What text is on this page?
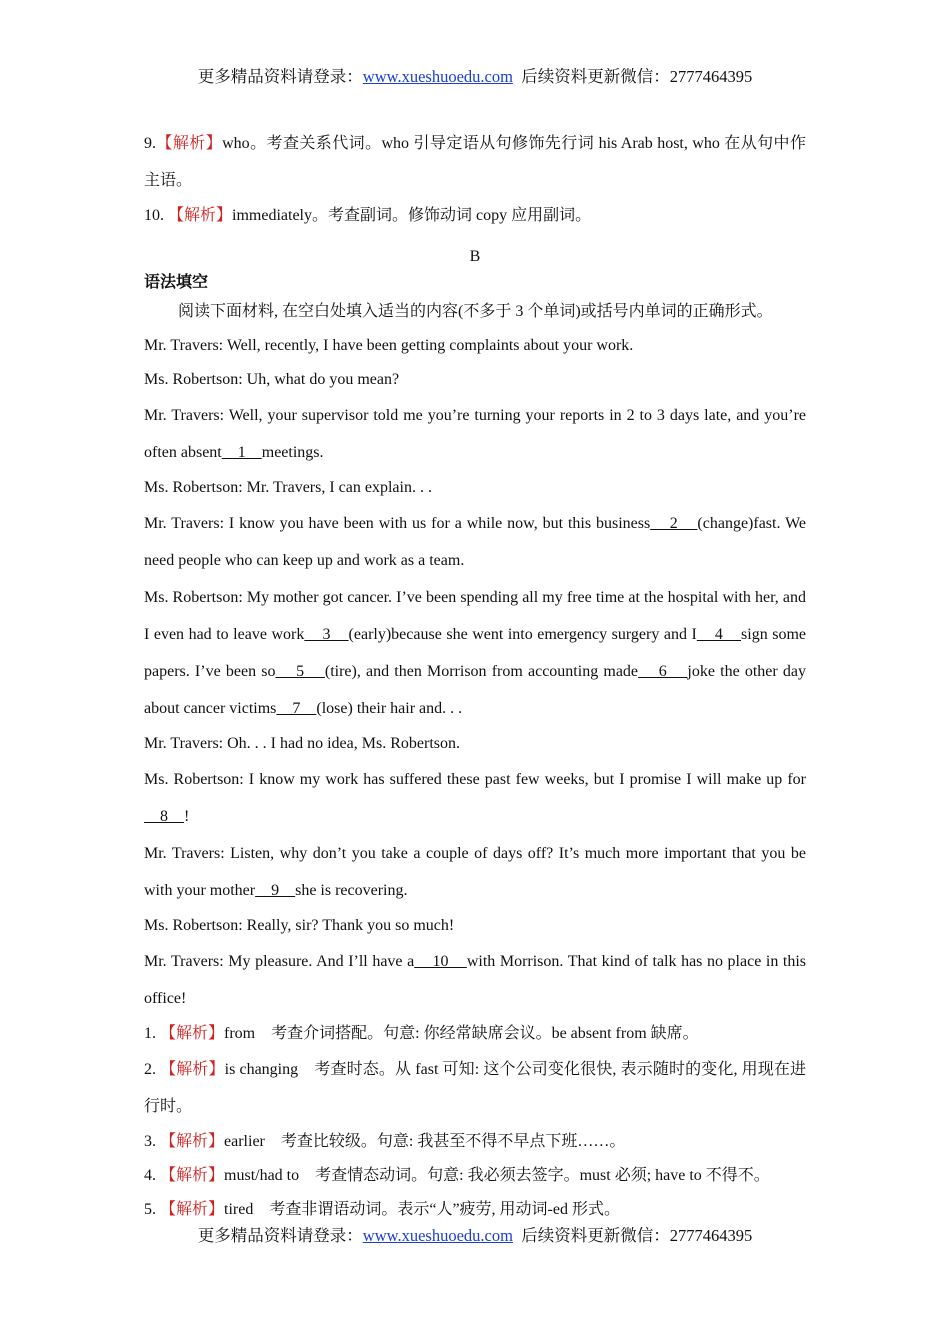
更多精品资料请登录：www.xueshuoedu.com  后续资料更新微信：2777464395

9.【解析】who。考查关系代词。who 引导定语从句修饰先行词 his Arab host, who 在从句中作主语。

10. 【解析】immediately。考查副词。修饰动词 copy 应用副词。

B

语法填空

阅读下面材料, 在空白处填入适当的内容(不多于 3 个单词)或括号内单词的正确形式。

Mr. Travers: Well, recently, I have been getting complaints about your work.

Ms. Robertson: Uh, what do you mean?

Mr. Travers: Well, your supervisor told me you’re turning your reports in 2 to 3 days late, and you’re often absent    1    meetings.

Ms. Robertson: Mr. Travers, I can explain. . .

Mr. Travers: I know you have been with us for a while now, but this business    2    (change)fast. We need people who can keep up and work as a team.

Ms. Robertson: My mother got cancer. I’ve been spending all my free time at the hospital with her, and I even had to leave work    3    (early)because she went into emergency surgery and I    4    sign some papers. I’ve been so    5    (tire), and then Morrison from accounting made    6    joke the other day about cancer victims    7    (lose) their hair and. . .

Mr. Travers: Oh. . . I had no idea, Ms. Robertson.

Ms. Robertson: I know my work has suffered these past few weeks, but I promise I will make up for    8    !

Mr. Travers: Listen, why don’t you take a couple of days off? It’s much more important that you be with your mother    9    she is recovering.

Ms. Robertson: Really, sir? Thank you so much!

Mr. Travers: My pleasure. And I’ll have a    10    with Morrison. That kind of talk has no place in this office!

1. 【解析】from　考查介词搭配。句意: 你经常缺席会议。be absent from 缺席。

2. 【解析】is changing　考查时态。从 fast 可知: 这个公司变化很快, 表示随时的变化, 用现在进行时。

3. 【解析】earlier　考查比较级。句意: 我甚至不得不早点下班……。

4. 【解析】must/had to　考查情态动词。句意: 我必须去签字。must 必须; have to 不得不。

5. 【解析】tired　考查非谓语动词。表示“人”疲劳, 用动词-ed 形式。

更多精品资料请登录：www.xueshuoedu.com  后续资料更新微信：2777464395
